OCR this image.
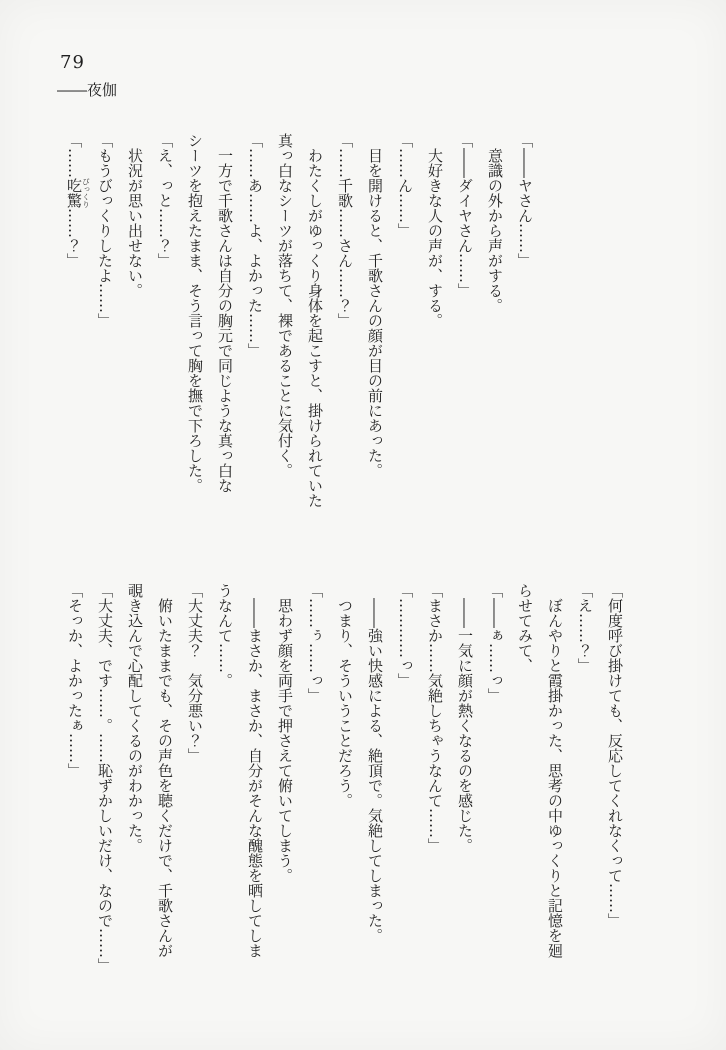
79
――夜伽

「――ヤさん……」

　意識の外から声がする。

「――ダイヤさん……」

　大好きな人の声が、する。

「……ん……」

　目を開けると、千歌さんの顔が目の前にあった。

「……千歌……さん……？」

　わたくしがゆっくり身体を起こすと、掛けられていた

真っ白なシーツが落ちて、裸であることに気付く。

「……あ……よ、よかった……」

　一方で千歌さんは自分の胸元で同じような真っ白な

シーツを抱えたまま、そう言って胸を撫で下ろした。

「え、っと……？」

　状況が思い出せない。

「もうびっくりしたよ……」

「……吃驚びっくり……？」

「何度呼び掛けても、反応してくれなくって……」

「え……？」

　ぼんやりと霞掛かった、思考の中ゆっくりと記憶を廻

らせてみて、

「――ぁ……っ」

　――一気に顔が熱くなるのを感じた。

「まさか……気絶しちゃうなんて……」

「…………っ」

　――強い快感による、絶頂で。気絶してしまった。

　つまり、そういうことだろう。

「……ぅ……っ」

　思わず顔を両手で押さえて俯いてしまう。

　――まさか、まさか、自分がそんな醜態を晒してしま

うなんて……。

「大丈夫？　気分悪い？」

　俯いたままでも、その声色を聴くだけで、千歌さんが

覗き込んで心配してくるのがわかった。

「大丈夫、です……。……恥ずかしいだけ、なので……」

「そっか、よかったぁ……」
